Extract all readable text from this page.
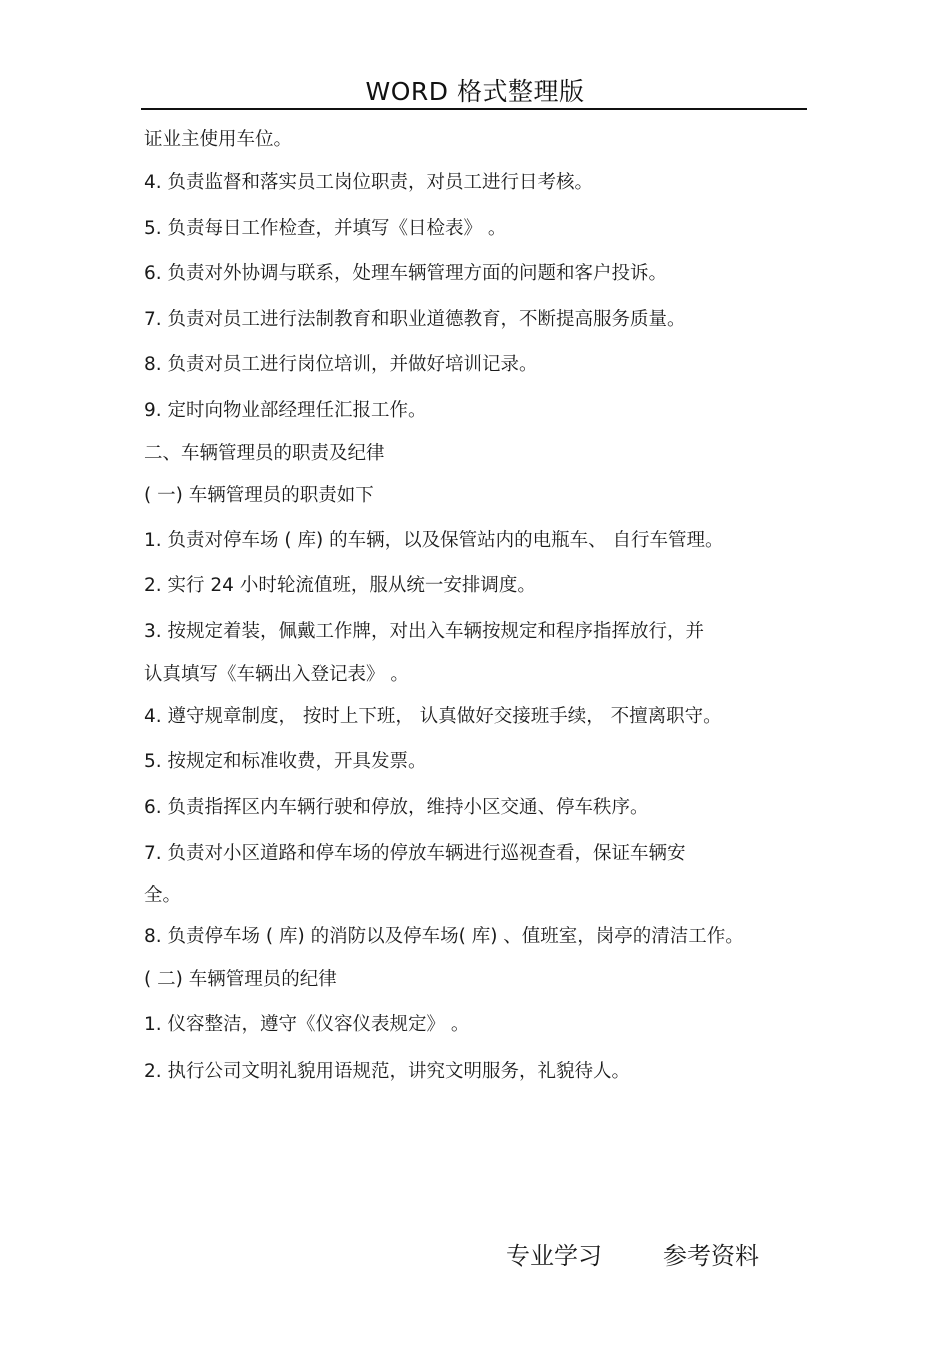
WORD 格式整理版
证业主使用车位。
4. 负责监督和落实员工岗位职责，对员工进行日考核。
5. 负责每日工作检查，并填写《日检表》 。
6. 负责对外协调与联系，处理车辆管理方面的问题和客户投诉。
7. 负责对员工进行法制教育和职业道德教育，不断提高服务质量。
8. 负责对员工进行岗位培训，并做好培训记录。
9. 定时向物业部经理任汇报工作。
二、车辆管理员的职责及纪律
( 一) 车辆管理员的职责如下
1. 负责对停车场 ( 库) 的车辆，以及保管站内的电瓶车、 自行车管理。
2. 实行 24 小时轮流值班，服从统一安排调度。
3. 按规定着装，佩戴工作牌，对出入车辆按规定和程序指挥放行，并
认真填写《车辆出入登记表》 。
4. 遵守规章制度， 按时上下班， 认真做好交接班手续， 不擅离职守。
5. 按规定和标准收费，开具发票。
6. 负责指挥区内车辆行驶和停放，维持小区交通、停车秩序。
7. 负责对小区道路和停车场的停放车辆进行巡视查看，保证车辆安
全。
8. 负责停车场 ( 库) 的消防以及停车场( 库) 、值班室，岗亭的清洁工作。
( 二) 车辆管理员的纪律
1. 仪容整洁，遵守《仪容仪表规定》 。
2. 执行公司文明礼貌用语规范，讲究文明服务，礼貌待人。
专业学习        参考资料
